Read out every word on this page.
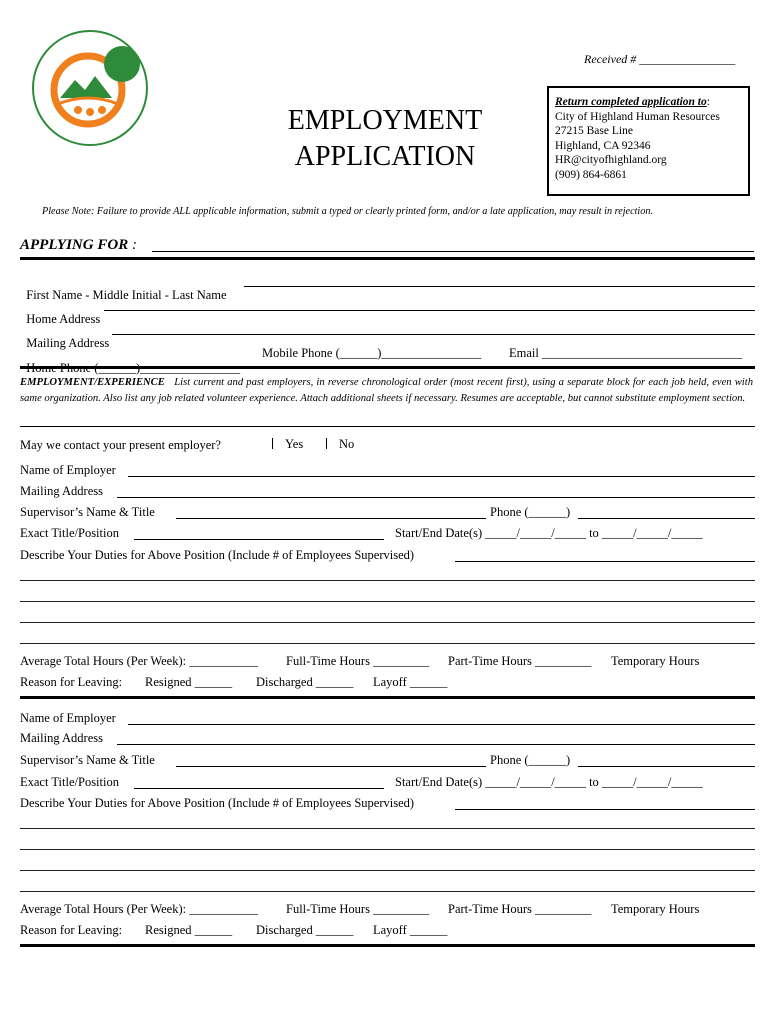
Received # ________________
EMPLOYMENT
APPLICATION
Return completed application to:
City of Highland Human Resources
27215 Base Line
Highland, CA 92346
HR@cityofhighland.org
(909) 864-6861
Please Note: Failure to provide ALL applicable information, submit a typed or clearly printed form, and/or a late application, may result in rejection.
APPLYING FOR :

First Name - Middle Initial - Last Name

Home Address

Mailing Address

Home Phone (______)________________

Mobile Phone (______)________________ Email ________________________________
EMPLOYMENT/EXPERIENCE List current and past employers, in reverse chronological order (most recent first), using a separate block for each job held, even with same organization. Also list any job related volunteer experience. Attach additional sheets if necessary. Resumes are acceptable, but cannot substitute employment section.
May we contact your present employer?	Yes	No
Name of Employer
Mailing Address
Supervisor’s Name & Title	Phone (______)
Exact Title/Position	Start/End Date(s) _____/_____/_____ to _____/_____/_____
Describe Your Duties for Above Position (Include # of Employees Supervised)
Average Total Hours (Per Week): ___________ Full-Time Hours _________ Part-Time Hours _________ Temporary Hours
Reason for Leaving: Resigned ______ Discharged ______ Layoff ______
Name of Employer
Mailing Address
Supervisor’s Name & Title	Phone (______)
Exact Title/Position	Start/End Date(s) _____/_____/_____ to _____/_____/_____
Describe Your Duties for Above Position (Include # of Employees Supervised)
Average Total Hours (Per Week): ___________ Full-Time Hours _________ Part-Time Hours _________ Temporary Hours
Reason for Leaving: Resigned ______ Discharged ______ Layoff ______
